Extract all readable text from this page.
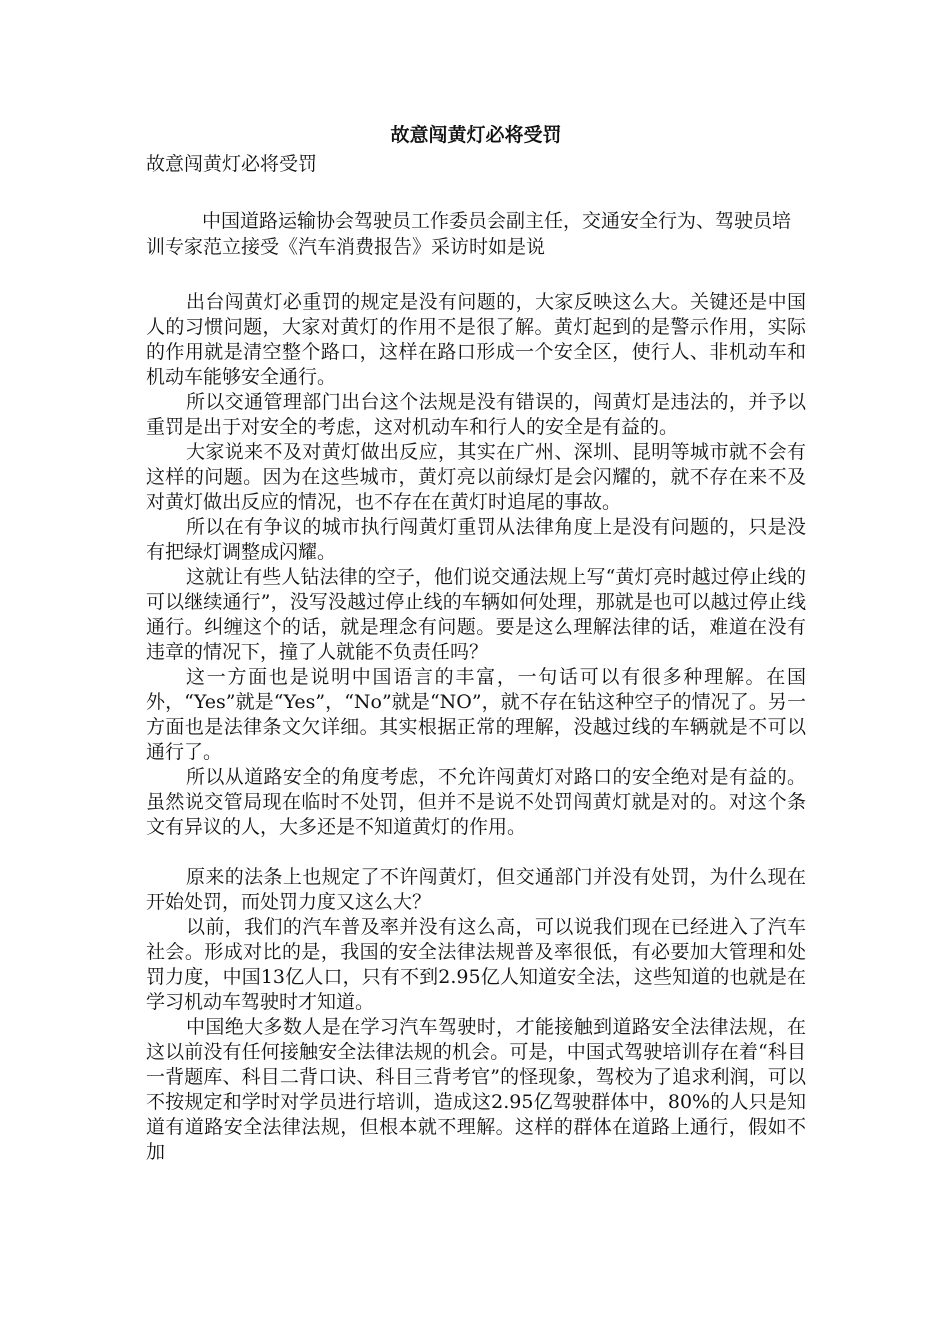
故意闯黄灯必将受罚

故意闯黄灯必将受罚

中国道路运输协会驾驶员工作委员会副主任，交通安全行为、驾驶员培训专家范立接受《汽车消费报告》采访时如是说

出台闯黄灯必重罚的规定是没有问题的，大家反映这么大。关键还是中国人的习惯问题，大家对黄灯的作用不是很了解。黄灯起到的是警示作用，实际的作用就是清空整个路口，这样在路口形成一个安全区，使行人、非机动车和机动车能够安全通行。

所以交通管理部门出台这个法规是没有错误的，闯黄灯是违法的，并予以重罚是出于对安全的考虑，这对机动车和行人的安全是有益的。

大家说来不及对黄灯做出反应，其实在广州、深圳、昆明等城市就不会有这样的问题。因为在这些城市，黄灯亮以前绿灯是会闪耀的，就不存在来不及对黄灯做出反应的情况，也不存在在黄灯时追尾的事故。

所以在有争议的城市执行闯黄灯重罚从法律角度上是没有问题的，只是没有把绿灯调整成闪耀。

这就让有些人钻法律的空子，他们说交通法规上写“黄灯亮时越过停止线的可以继续通行”，没写没越过停止线的车辆如何处理，那就是也可以越过停止线通行。纠缠这个的话，就是理念有问题。要是这么理解法律的话，难道在没有违章的情况下，撞了人就能不负责任吗？

这一方面也是说明中国语言的丰富，一句话可以有很多种理解。在国外，“Yes”就是“Yes”，“No”就是“NO”，就不存在钻这种空子的情况了。另一方面也是法律条文欠详细。其实根据正常的理解，没越过线的车辆就是不可以通行了。

所以从道路安全的角度考虑，不允许闯黄灯对路口的安全绝对是有益的。虽然说交管局现在临时不处罚，但并不是说不处罚闯黄灯就是对的。对这个条文有异议的人，大多还是不知道黄灯的作用。

原来的法条上也规定了不许闯黄灯，但交通部门并没有处罚，为什么现在开始处罚，而处罚力度又这么大？

以前，我们的汽车普及率并没有这么高，可以说我们现在已经进入了汽车社会。形成对比的是，我国的安全法律法规普及率很低，有必要加大管理和处罚力度，中国13亿人口，只有不到2.95亿人知道安全法，这些知道的也就是在学习机动车驾驶时才知道。

中国绝大多数人是在学习汽车驾驶时，才能接触到道路安全法律法规，在这以前没有任何接触安全法律法规的机会。可是，中国式驾驶培训存在着“科目一背题库、科目二背口诀、科目三背考官”的怪现象，驾校为了追求利润，可以不按规定和学时对学员进行培训，造成这2.95亿驾驶群体中，80%的人只是知道有道路安全法律法规，但根本就不理解。这样的群体在道路上通行，假如不加
